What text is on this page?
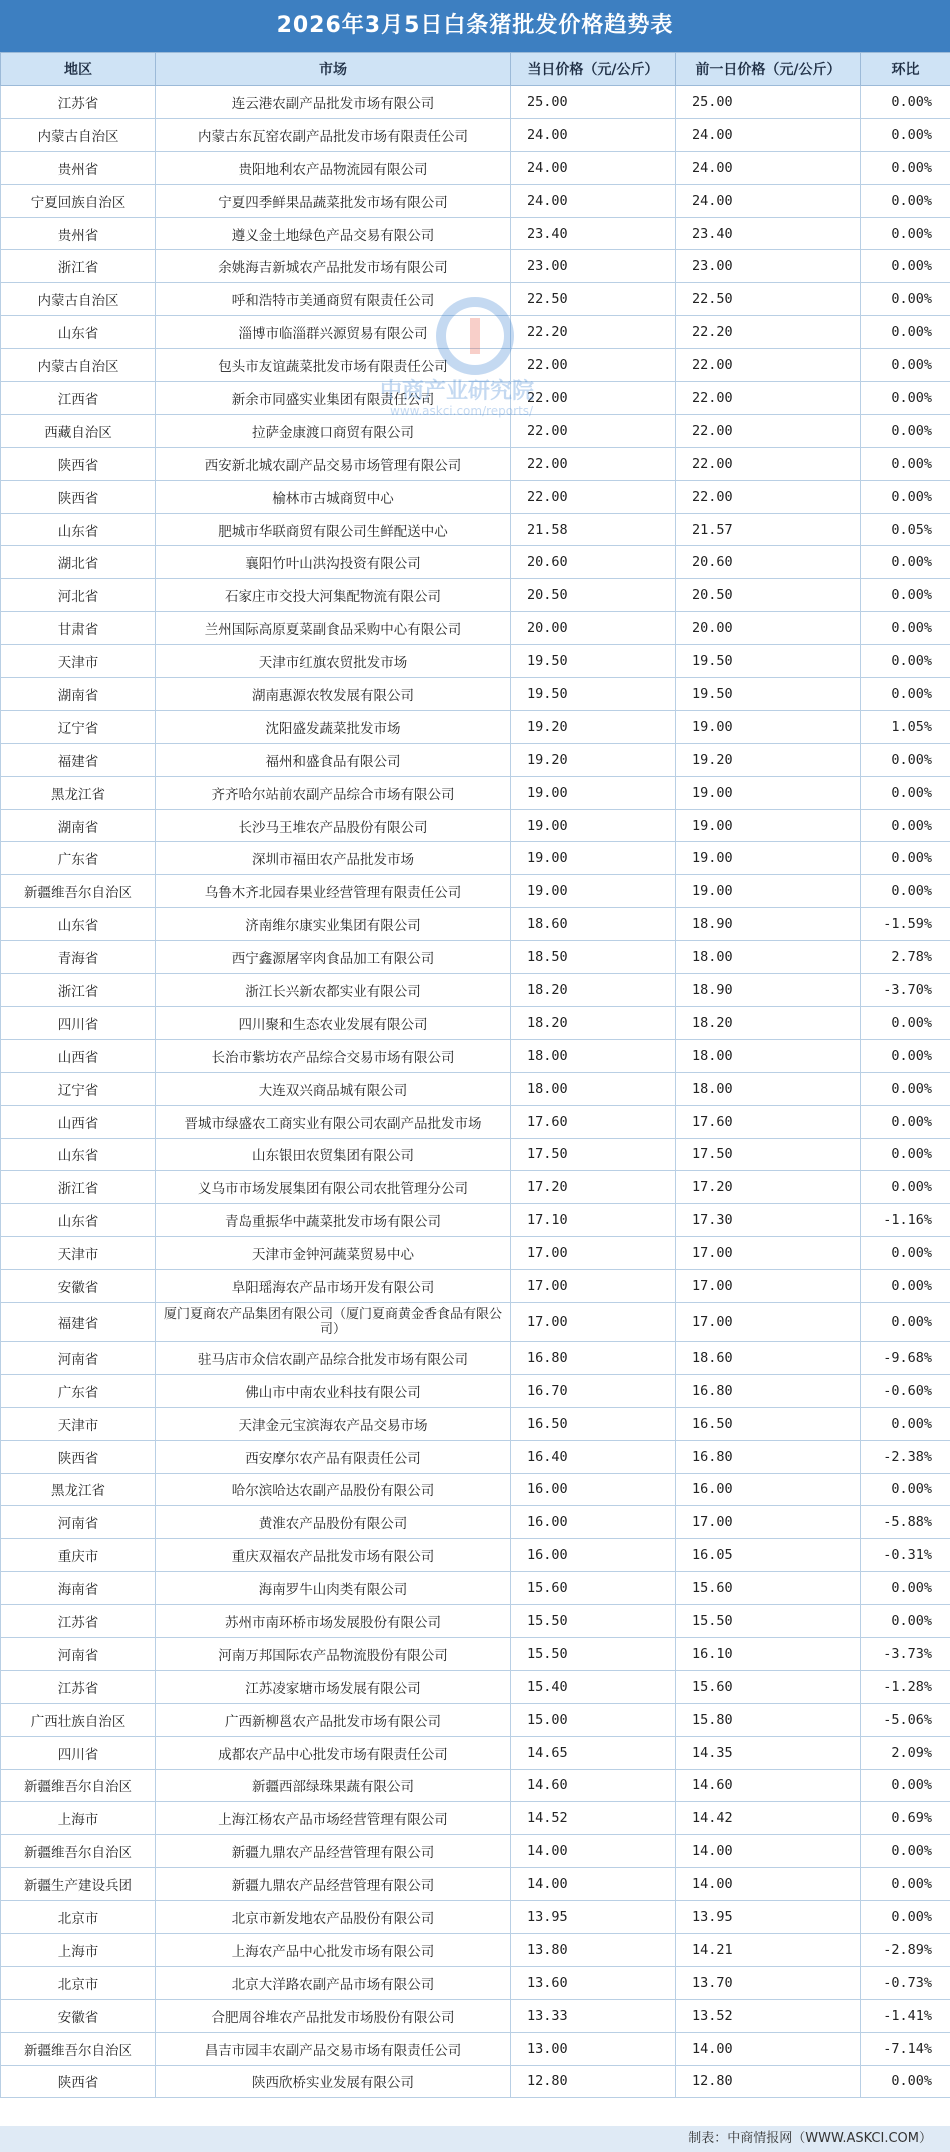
2026年3月5日白条猪批发价格趋势表
地区	市场	当日价格（元/公斤）	前一日价格（元/公斤）	环比
江苏省	连云港农副产品批发市场有限公司	25.00	25.00	0.00%
内蒙古自治区	内蒙古东瓦窑农副产品批发市场有限责任公司	24.00	24.00	0.00%
贵州省	贵阳地利农产品物流园有限公司	24.00	24.00	0.00%
宁夏回族自治区	宁夏四季鲜果品蔬菜批发市场有限公司	24.00	24.00	0.00%
贵州省	遵义金土地绿色产品交易有限公司	23.40	23.40	0.00%
浙江省	余姚海吉新城农产品批发市场有限公司	23.00	23.00	0.00%
内蒙古自治区	呼和浩特市美通商贸有限责任公司	22.50	22.50	0.00%
山东省	淄博市临淄群兴源贸易有限公司	22.20	22.20	0.00%
内蒙古自治区	包头市友谊蔬菜批发市场有限责任公司	22.00	22.00	0.00%
江西省	新余市同盛实业集团有限责任公司	22.00	22.00	0.00%
西藏自治区	拉萨金康渡口商贸有限公司	22.00	22.00	0.00%
陕西省	西安新北城农副产品交易市场管理有限公司	22.00	22.00	0.00%
陕西省	榆林市古城商贸中心	22.00	22.00	0.00%
山东省	肥城市华联商贸有限公司生鲜配送中心	21.58	21.57	0.05%
湖北省	襄阳竹叶山洪沟投资有限公司	20.60	20.60	0.00%
河北省	石家庄市交投大河集配物流有限公司	20.50	20.50	0.00%
甘肃省	兰州国际高原夏菜副食品采购中心有限公司	20.00	20.00	0.00%
天津市	天津市红旗农贸批发市场	19.50	19.50	0.00%
湖南省	湖南惠源农牧发展有限公司	19.50	19.50	0.00%
辽宁省	沈阳盛发蔬菜批发市场	19.20	19.00	1.05%
福建省	福州和盛食品有限公司	19.20	19.20	0.00%
黑龙江省	齐齐哈尔站前农副产品综合市场有限公司	19.00	19.00	0.00%
湖南省	长沙马王堆农产品股份有限公司	19.00	19.00	0.00%
广东省	深圳市福田农产品批发市场	19.00	19.00	0.00%
新疆维吾尔自治区	乌鲁木齐北园春果业经营管理有限责任公司	19.00	19.00	0.00%
山东省	济南维尔康实业集团有限公司	18.60	18.90	-1.59%
青海省	西宁鑫源屠宰肉食品加工有限公司	18.50	18.00	2.78%
浙江省	浙江长兴新农都实业有限公司	18.20	18.90	-3.70%
四川省	四川聚和生态农业发展有限公司	18.20	18.20	0.00%
山西省	长治市紫坊农产品综合交易市场有限公司	18.00	18.00	0.00%
辽宁省	大连双兴商品城有限公司	18.00	18.00	0.00%
山西省	晋城市绿盛农工商实业有限公司农副产品批发市场	17.60	17.60	0.00%
山东省	山东银田农贸集团有限公司	17.50	17.50	0.00%
浙江省	义乌市市场发展集团有限公司农批管理分公司	17.20	17.20	0.00%
山东省	青岛重振华中蔬菜批发市场有限公司	17.10	17.30	-1.16%
天津市	天津市金钟河蔬菜贸易中心	17.00	17.00	0.00%
安徽省	阜阳瑶海农产品市场开发有限公司	17.00	17.00	0.00%
福建省	厦门夏商农产品集团有限公司（厦门夏商黄金香食品有限公司）	17.00	17.00	0.00%
河南省	驻马店市众信农副产品综合批发市场有限公司	16.80	18.60	-9.68%
广东省	佛山市中南农业科技有限公司	16.70	16.80	-0.60%
天津市	天津金元宝滨海农产品交易市场	16.50	16.50	0.00%
陕西省	西安摩尔农产品有限责任公司	16.40	16.80	-2.38%
黑龙江省	哈尔滨哈达农副产品股份有限公司	16.00	16.00	0.00%
河南省	黄淮农产品股份有限公司	16.00	17.00	-5.88%
重庆市	重庆双福农产品批发市场有限公司	16.00	16.05	-0.31%
海南省	海南罗牛山肉类有限公司	15.60	15.60	0.00%
江苏省	苏州市南环桥市场发展股份有限公司	15.50	15.50	0.00%
河南省	河南万邦国际农产品物流股份有限公司	15.50	16.10	-3.73%
江苏省	江苏凌家塘市场发展有限公司	15.40	15.60	-1.28%
广西壮族自治区	广西新柳邕农产品批发市场有限公司	15.00	15.80	-5.06%
四川省	成都农产品中心批发市场有限责任公司	14.65	14.35	2.09%
新疆维吾尔自治区	新疆西部绿珠果蔬有限公司	14.60	14.60	0.00%
上海市	上海江杨农产品市场经营管理有限公司	14.52	14.42	0.69%
新疆维吾尔自治区	新疆九鼎农产品经营管理有限公司	14.00	14.00	0.00%
新疆生产建设兵团	新疆九鼎农产品经营管理有限公司	14.00	14.00	0.00%
北京市	北京市新发地农产品股份有限公司	13.95	13.95	0.00%
上海市	上海农产品中心批发市场有限公司	13.80	14.21	-2.89%
北京市	北京大洋路农副产品市场有限公司	13.60	13.70	-0.73%
安徽省	合肥周谷堆农产品批发市场股份有限公司	13.33	13.52	-1.41%
新疆维吾尔自治区	昌吉市园丰农副产品交易市场有限责任公司	13.00	14.00	-7.14%
陕西省	陕西欣桥实业发展有限公司	12.80	12.80	0.00%
中商产业研究院
www.askci.com/reports/
制表：中商情报网（WWW.ASKCI.COM）
